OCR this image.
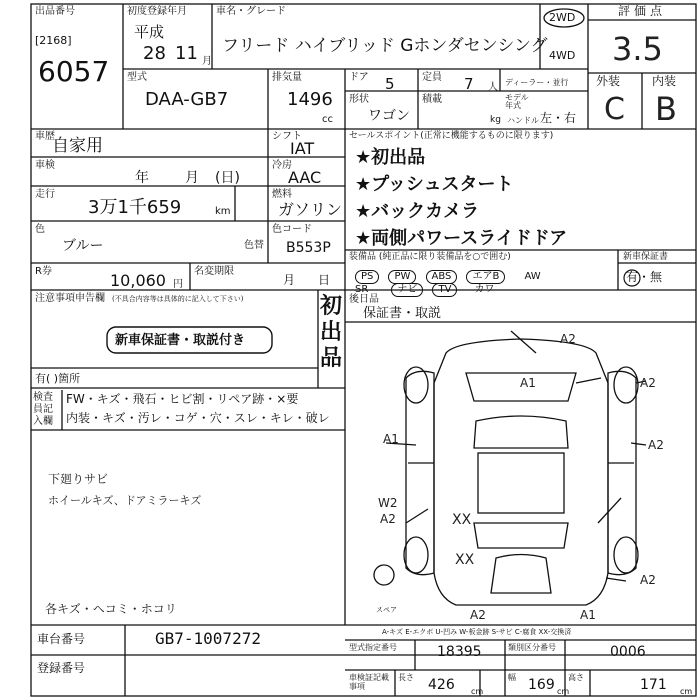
出品番号
[2168]
6057
初度登録年月
平成
28 11 月
車名・グレード
フリード ハイブリッド Gホンダセンシング
2WD
4WD
評価点
3.5
型式
DAA-GB7
排気量
1496
cc
ドア 5	定員 7 人 ディーラー・並行
形状
ワゴン
積載
kg
モデル年式
ハンドル 左・右
外装	内装
C B
車歴
自家用	シフト
IAT
車検
年	月 (日)
冷房
AAC
走行
3万1千659	km
燃料
ガソリン
色
ブルー	色替
色コード
B553P
R券	10,060 円
名変期限
月 日
セールスポイント(正常に機能するものに限ります)
★初出品
★プッシュスタート
★バックカメラ
★両側パワースライドドア
装備品 (純正品に限り装備品を○で囲む)
PS PW ABS エアB	AW
SR	ナビ TV カワ
新車保証書
有・無
注意事項申告欄 (不具合内容等は具体的に記入して下さい)
新車保証書・取説付き
初出品
有( )箇所
後日品
保証書・取説
検査員記入欄
FW・キズ・飛石・ヒビ割・リペア跡・×要
内装・キズ・汚レ・コゲ・穴・スレ・キレ・破レ
下廻りサビ
ホイールキズ、ドアミラーキズ
各キズ・ヘコミ・ホコリ
A2
A1	A2
A1	A2
W2
A2	XX
XX
A2
A2	A1
スペア
A-キズ E-エクボ U-凹み W-板金跡 S-サビ C-腐食 XX-交換済
車台番号	GB7-1007272
登録番号
型式指定番号	18395	類別区分番号	0006
車検証記載事項
長さ 426 cm
幅 169 cm
高さ	171 cm
